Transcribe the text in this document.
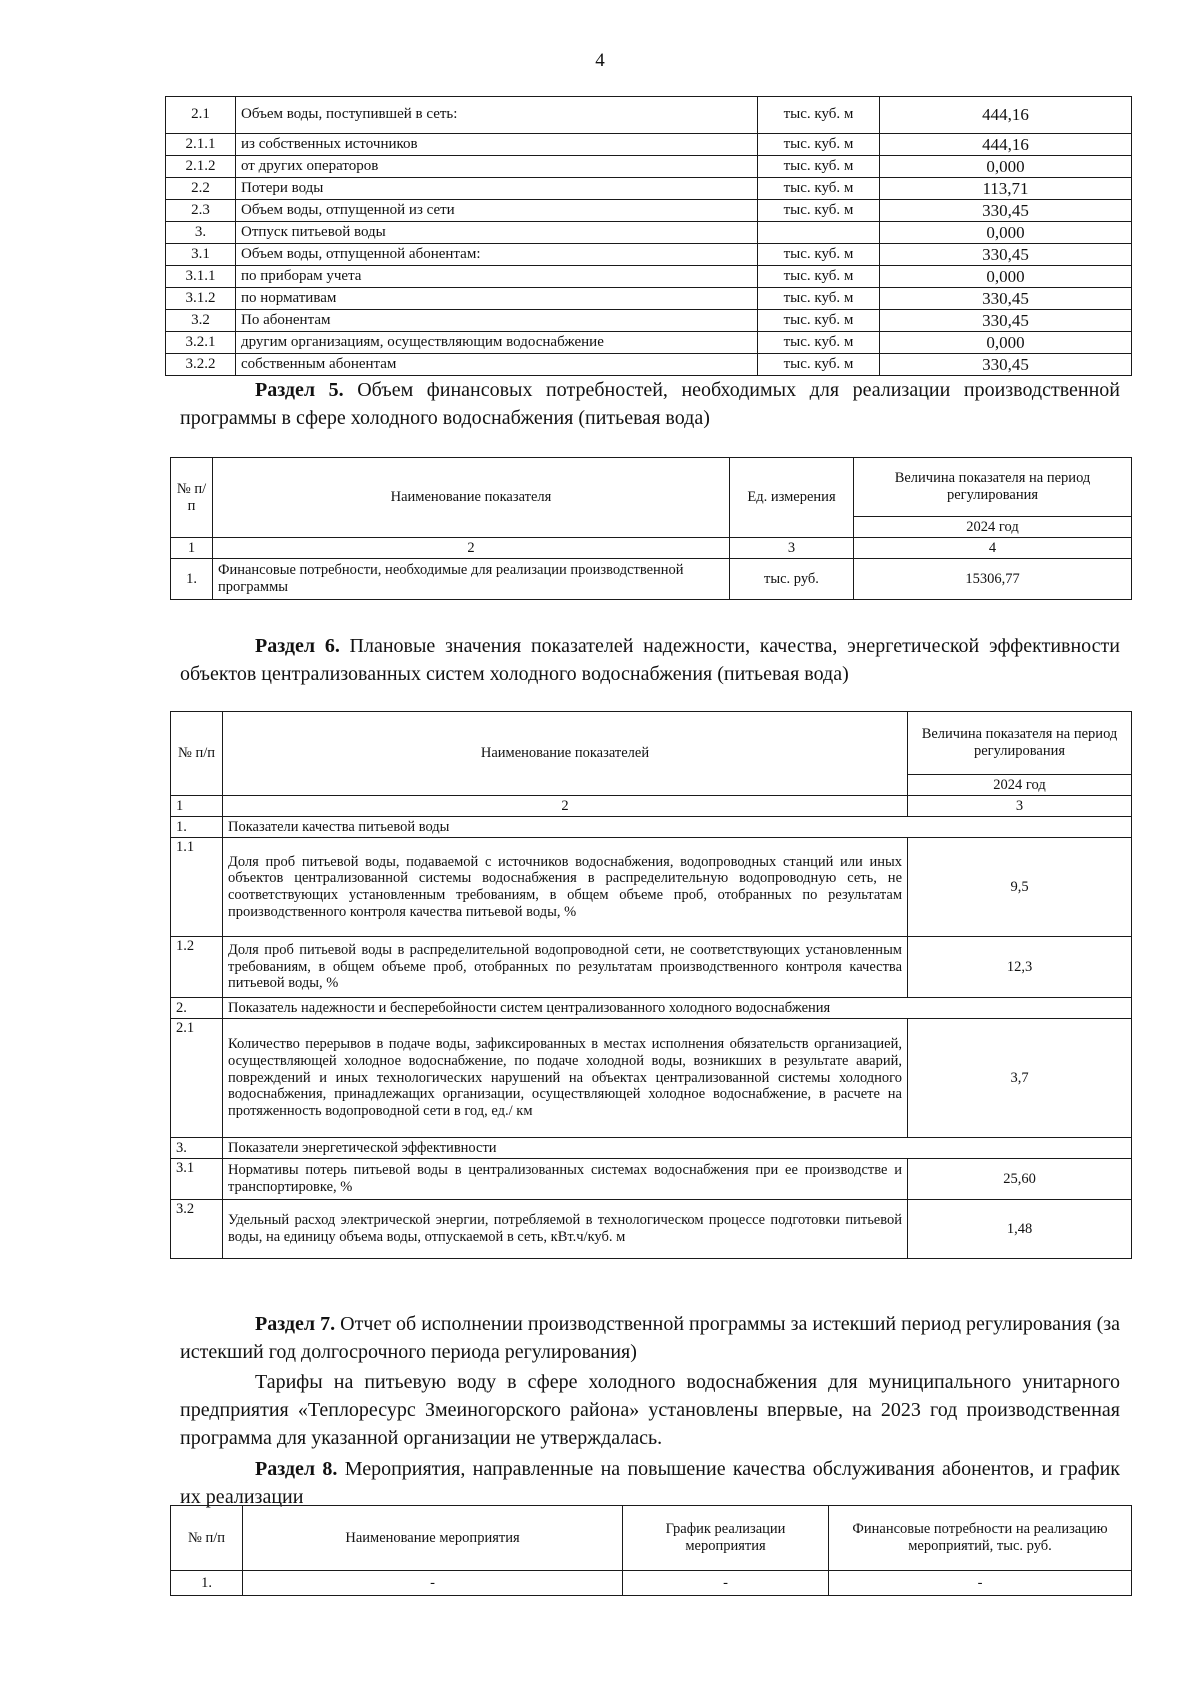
4
2.1	Объем воды, поступившей в сеть:	тыс. куб. м	444,16
2.1.1	из собственных источников	тыс. куб. м	444,16
2.1.2	от других операторов	тыс. куб. м	0,000
2.2	Потери воды	тыс. куб. м	113,71
2.3	Объем воды, отпущенной из сети	тыс. куб. м	330,45
3.	Отпуск питьевой воды		0,000
3.1	Объем воды, отпущенной абонентам:	тыс. куб. м	330,45
3.1.1	по приборам учета	тыс. куб. м	0,000
3.1.2	по нормативам	тыс. куб. м	330,45
3.2	По абонентам	тыс. куб. м	330,45
3.2.1	другим организациям, осуществляющим водоснабжение	тыс. куб. м	0,000
3.2.2	собственным абонентам	тыс. куб. м	330,45
Раздел 5. Объем финансовых потребностей, необходимых для реализации производственной программы в сфере холодного водоснабжения (питьевая вода)
№ п/п	Наименование показателя	Ед. измерения	Величина показателя на период регулирования
			2024 год
1	2	3	4
1.	Финансовые потребности, необходимые для реализации производственной программы	тыс. руб.	15306,77
Раздел 6. Плановые значения показателей надежности, качества, энергетической эффективности объектов централизованных систем холодного водоснабжения (питьевая вода)
№ п/п	Наименование показателей	Величина показателя на период регулирования
		2024 год
1	2	3
1.	Показатели качества питьевой воды	
1.1	Доля проб питьевой воды, подаваемой с источников водоснабжения, водопроводных станций или иных объектов централизованной системы водоснабжения в распределительную водопроводную сеть, не соответствующих установленным требованиям, в общем объеме проб, отобранных по результатам производственного контроля качества питьевой воды, %	9,5
1.2	Доля проб питьевой воды в распределительной водопроводной сети, не соответствующих установленным требованиям, в общем объеме проб, отобранных по результатам производственного контроля качества питьевой воды, %	12,3
2.	Показатель надежности и бесперебойности систем централизованного холодного водоснабжения	
2.1	Количество перерывов в подаче воды, зафиксированных в местах исполнения обязательств организацией, осуществляющей холодное водоснабжение, по подаче холодной воды, возникших в результате аварий, повреждений и иных технологических нарушений на объектах централизованной системы холодного водоснабжения, принадлежащих организации, осуществляющей холодное водоснабжение, в расчете на протяженность водопроводной сети в год, ед./ км	3,7
3.	Показатели энергетической эффективности	
3.1	Нормативы потерь питьевой воды в централизованных системах водоснабжения при ее производстве и транспортировке, %	25,60
3.2	Удельный расход электрической энергии, потребляемой в технологическом процессе подготовки питьевой воды, на единицу объема воды, отпускаемой в сеть, кВт.ч/куб. м	1,48
Раздел 7. Отчет об исполнении производственной программы за истекший период регулирования (за истекший год долгосрочного периода регулирования)
Тарифы на питьевую воду в сфере холодного водоснабжения для муниципального унитарного предприятия «Теплоресурс Змеиногорского района» установлены впервые, на 2023 год производственная программа для указанной организации не утверждалась.
Раздел 8. Мероприятия, направленные на повышение качества обслуживания абонентов, и график их реализации
№ п/п	Наименование мероприятия	График реализации мероприятия	Финансовые потребности на реализацию мероприятий, тыс. руб.
1.	-	-	-
